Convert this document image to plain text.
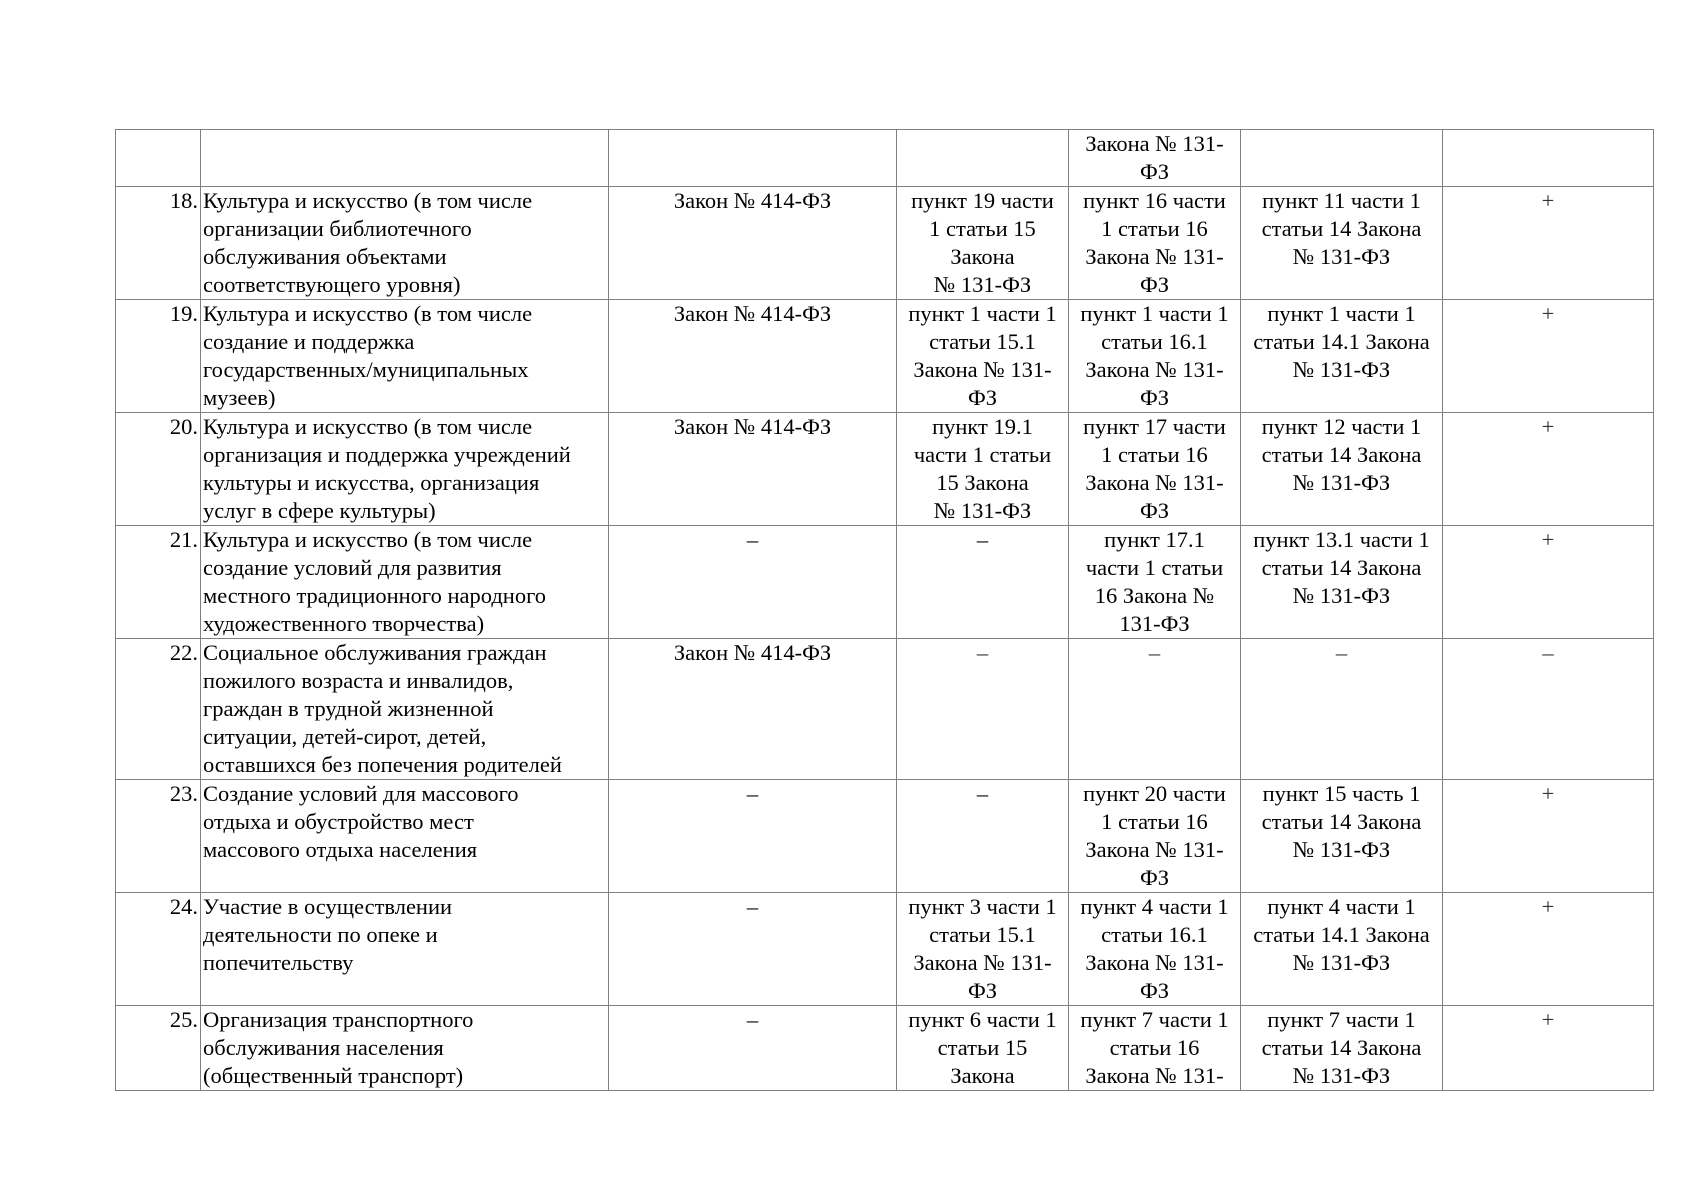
				Закона № 131-
ФЗ		
18.	Культура и искусство (в том числе
организации библиотечного
обслуживания объектами
соответствующего уровня)	Закон № 414-ФЗ	пункт 19 части
1 статьи 15
Закона
№ 131-ФЗ	пункт 16 части
1 статьи 16
Закона № 131-
ФЗ	пункт 11 части 1
статьи 14 Закона
№ 131-ФЗ	+
19.	Культура и искусство (в том числе
создание и поддержка
государственных/муниципальных
музеев)	Закон № 414-ФЗ	пункт 1 части 1
статьи 15.1
Закона № 131-
ФЗ	пункт 1 части 1
статьи 16.1
Закона № 131-
ФЗ	пункт 1 части 1
статьи 14.1 Закона
№ 131-ФЗ	+
20.	Культура и искусство (в том числе
организация и поддержка учреждений
культуры и искусства, организация
услуг в сфере культуры)	Закон № 414-ФЗ	пункт 19.1
части 1 статьи
15 Закона
№ 131-ФЗ	пункт 17 части
1 статьи 16
Закона № 131-
ФЗ	пункт 12 части 1
статьи 14 Закона
№ 131-ФЗ	+
21.	Культура и искусство (в том числе
создание условий для развития
местного традиционного народного
художественного творчества)	–	–	пункт 17.1
части 1 статьи
16 Закона №
131-ФЗ	пункт 13.1 части 1
статьи 14 Закона
№ 131-ФЗ	+
22.	Социальное обслуживания граждан
пожилого возраста и инвалидов,
граждан в трудной жизненной
ситуации, детей-сирот, детей,
оставшихся без попечения родителей	Закон № 414-ФЗ	–	–	–	–
23.	Создание условий для массового
отдыха и обустройство мест
массового отдыха населения	–	–	пункт 20 части
1 статьи 16
Закона № 131-
ФЗ	пункт 15 часть 1
статьи 14 Закона
№ 131-ФЗ	+
24.	Участие в осуществлении
деятельности по опеке и
попечительству	–	пункт 3 части 1
статьи 15.1
Закона № 131-
ФЗ	пункт 4 части 1
статьи 16.1
Закона № 131-
ФЗ	пункт 4 части 1
статьи 14.1 Закона
№ 131-ФЗ	+
25.	Организация транспортного
обслуживания населения
(общественный транспорт)	–	пункт 6 части 1
статьи 15
Закона	пункт 7 части 1
статьи 16
Закона № 131-	пункт 7 части 1
статьи 14 Закона
№ 131-ФЗ	+
